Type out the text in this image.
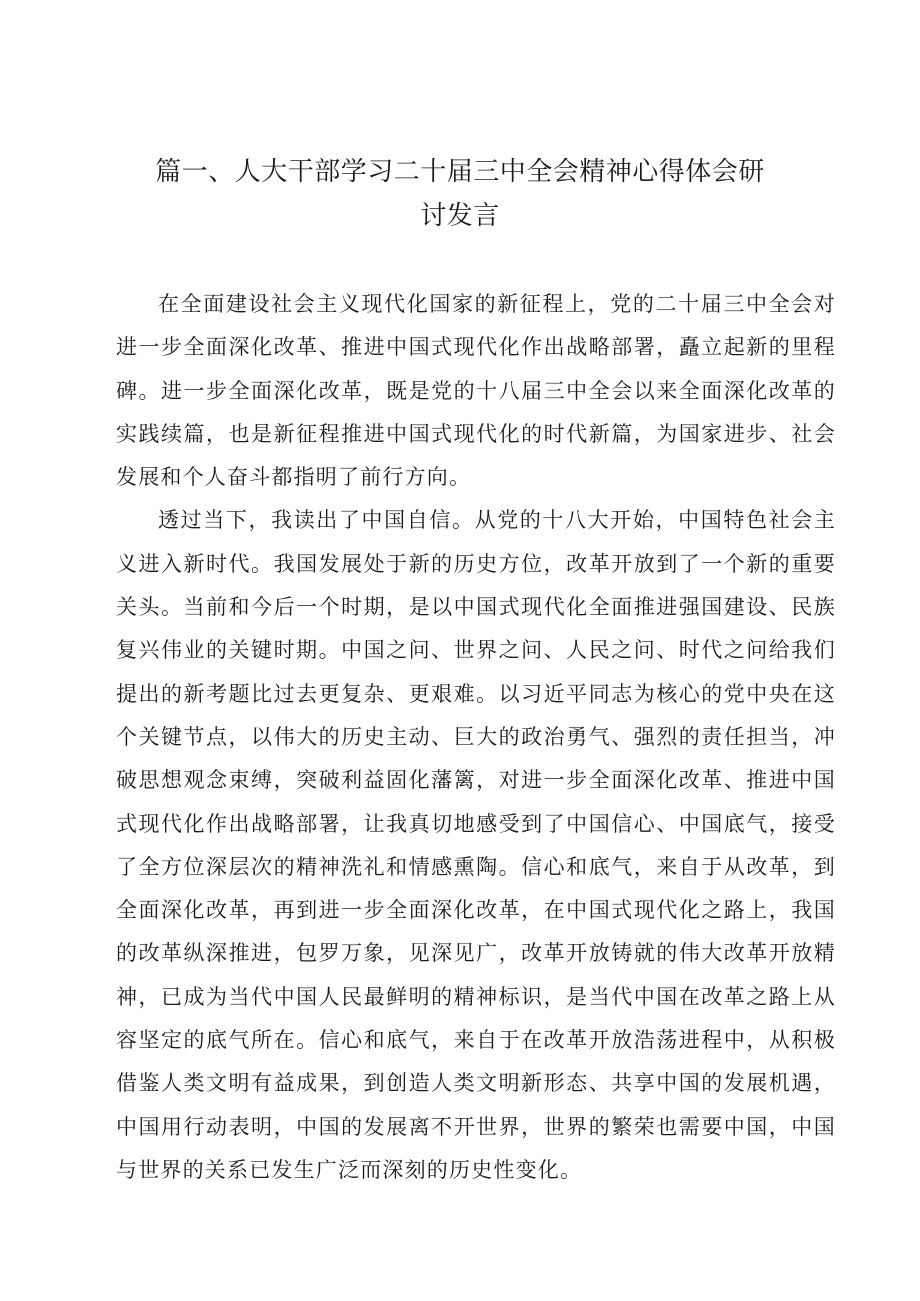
篇一、人大干部学习二十届三中全会精神心得体会研讨发言

在全面建设社会主义现代化国家的新征程上，党的二十届三中全会对进一步全面深化改革、推进中国式现代化作出战略部署，矗立起新的里程碑。进一步全面深化改革，既是党的十八届三中全会以来全面深化改革的实践续篇，也是新征程推进中国式现代化的时代新篇，为国家进步、社会发展和个人奋斗都指明了前行方向。

透过当下，我读出了中国自信。从党的十八大开始，中国特色社会主义进入新时代。我国发展处于新的历史方位，改革开放到了一个新的重要关头。当前和今后一个时期，是以中国式现代化全面推进强国建设、民族复兴伟业的关键时期。中国之问、世界之问、人民之问、时代之问给我们提出的新考题比过去更复杂、更艰难。以习近平同志为核心的党中央在这个关键节点，以伟大的历史主动、巨大的政治勇气、强烈的责任担当，冲破思想观念束缚，突破利益固化藩篱，对进一步全面深化改革、推进中国式现代化作出战略部署，让我真切地感受到了中国信心、中国底气，接受了全方位深层次的精神洗礼和情感熏陶。信心和底气，来自于从改革，到全面深化改革，再到进一步全面深化改革，在中国式现代化之路上，我国的改革纵深推进，包罗万象，见深见广，改革开放铸就的伟大改革开放精神，已成为当代中国人民最鲜明的精神标识，是当代中国在改革之路上从容坚定的底气所在。信心和底气，来自于在改革开放浩荡进程中，从积极借鉴人类文明有益成果，到创造人类文明新形态、共享中国的发展机遇，中国用行动表明，中国的发展离不开世界，世界的繁荣也需要中国，中国与世界的关系已发生广泛而深刻的历史性变化。
